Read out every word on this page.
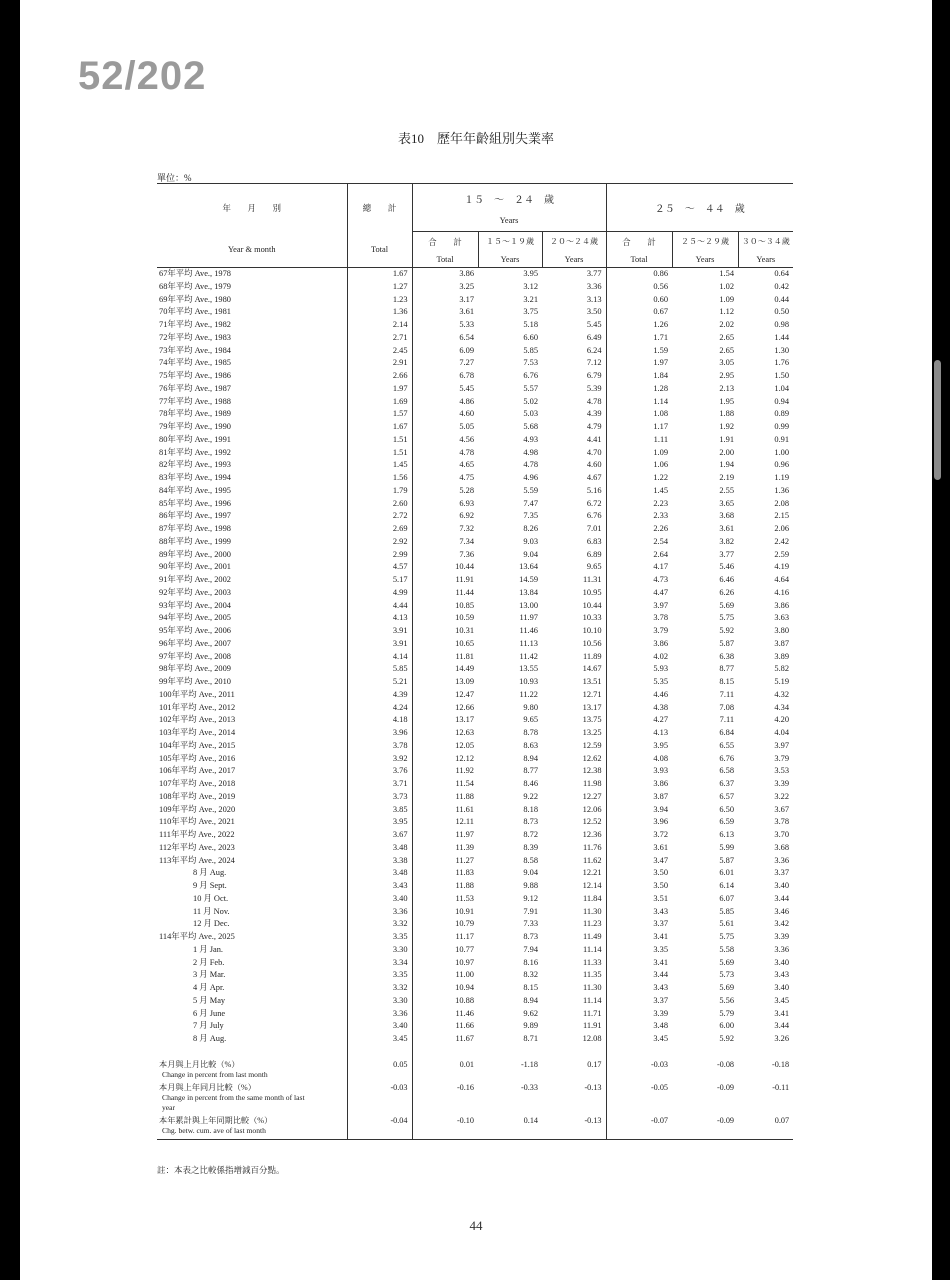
52/202
表10　歷年年齡組別失業率
單位：%
年　　月　　別	總　　計	１５　～　２４　歲
Years			２５　～　４４　歲		

Year & month	Total	合　　計	１５～１９歲	２０～２４歲	合　　計	２５～２９歲	３０～３４歲
		Total	Years	Years	Total	Years	Years
67年平均 Ave., 1978	1.67	3.86	3.95	3.77	0.86	1.54	0.64
68年平均 Ave., 1979	1.27	3.25	3.12	3.36	0.56	1.02	0.42
69年平均 Ave., 1980	1.23	3.17	3.21	3.13	0.60	1.09	0.44
70年平均 Ave., 1981	1.36	3.61	3.75	3.50	0.67	1.12	0.50
71年平均 Ave., 1982	2.14	5.33	5.18	5.45	1.26	2.02	0.98
72年平均 Ave., 1983	2.71	6.54	6.60	6.49	1.71	2.65	1.44
73年平均 Ave., 1984	2.45	6.09	5.85	6.24	1.59	2.65	1.30
74年平均 Ave., 1985	2.91	7.27	7.53	7.12	1.97	3.05	1.76
75年平均 Ave., 1986	2.66	6.78	6.76	6.79	1.84	2.95	1.50
76年平均 Ave., 1987	1.97	5.45	5.57	5.39	1.28	2.13	1.04
77年平均 Ave., 1988	1.69	4.86	5.02	4.78	1.14	1.95	0.94
78年平均 Ave., 1989	1.57	4.60	5.03	4.39	1.08	1.88	0.89
79年平均 Ave., 1990	1.67	5.05	5.68	4.79	1.17	1.92	0.99
80年平均 Ave., 1991	1.51	4.56	4.93	4.41	1.11	1.91	0.91
81年平均 Ave., 1992	1.51	4.78	4.98	4.70	1.09	2.00	1.00
82年平均 Ave., 1993	1.45	4.65	4.78	4.60	1.06	1.94	0.96
83年平均 Ave., 1994	1.56	4.75	4.96	4.67	1.22	2.19	1.19
84年平均 Ave., 1995	1.79	5.28	5.59	5.16	1.45	2.55	1.36
85年平均 Ave., 1996	2.60	6.93	7.47	6.72	2.23	3.65	2.08
86年平均 Ave., 1997	2.72	6.92	7.35	6.76	2.33	3.68	2.15
87年平均 Ave., 1998	2.69	7.32	8.26	7.01	2.26	3.61	2.06
88年平均 Ave., 1999	2.92	7.34	9.03	6.83	2.54	3.82	2.42
89年平均 Ave., 2000	2.99	7.36	9.04	6.89	2.64	3.77	2.59
90年平均 Ave., 2001	4.57	10.44	13.64	9.65	4.17	5.46	4.19
91年平均 Ave., 2002	5.17	11.91	14.59	11.31	4.73	6.46	4.64
92年平均 Ave., 2003	4.99	11.44	13.84	10.95	4.47	6.26	4.16
93年平均 Ave., 2004	4.44	10.85	13.00	10.44	3.97	5.69	3.86
94年平均 Ave., 2005	4.13	10.59	11.97	10.33	3.78	5.75	3.63
95年平均 Ave., 2006	3.91	10.31	11.46	10.10	3.79	5.92	3.80
96年平均 Ave., 2007	3.91	10.65	11.13	10.56	3.86	5.87	3.87
97年平均 Ave., 2008	4.14	11.81	11.42	11.89	4.02	6.38	3.89
98年平均 Ave., 2009	5.85	14.49	13.55	14.67	5.93	8.77	5.82
99年平均 Ave., 2010	5.21	13.09	10.93	13.51	5.35	8.15	5.19
100年平均 Ave., 2011	4.39	12.47	11.22	12.71	4.46	7.11	4.32
101年平均 Ave., 2012	4.24	12.66	9.80	13.17	4.38	7.08	4.34
102年平均 Ave., 2013	4.18	13.17	9.65	13.75	4.27	7.11	4.20
103年平均 Ave., 2014	3.96	12.63	8.78	13.25	4.13	6.84	4.04
104年平均 Ave., 2015	3.78	12.05	8.63	12.59	3.95	6.55	3.97
105年平均 Ave., 2016	3.92	12.12	8.94	12.62	4.08	6.76	3.79
106年平均 Ave., 2017	3.76	11.92	8.77	12.38	3.93	6.58	3.53
107年平均 Ave., 2018	3.71	11.54	8.46	11.98	3.86	6.37	3.39
108年平均 Ave., 2019	3.73	11.88	9.22	12.27	3.87	6.57	3.22
109年平均 Ave., 2020	3.85	11.61	8.18	12.06	3.94	6.50	3.67
110年平均 Ave., 2021	3.95	12.11	8.73	12.52	3.96	6.59	3.78
111年平均 Ave., 2022	3.67	11.97	8.72	12.36	3.72	6.13	3.70
112年平均 Ave., 2023	3.48	11.39	8.39	11.76	3.61	5.99	3.68
113年平均 Ave., 2024	3.38	11.27	8.58	11.62	3.47	5.87	3.36
8 月 Aug.	3.48	11.83	9.04	12.21	3.50	6.01	3.37
9 月 Sept.	3.43	11.88	9.88	12.14	3.50	6.14	3.40
10 月 Oct.	3.40	11.53	9.12	11.84	3.51	6.07	3.44
11 月 Nov.	3.36	10.91	7.91	11.30	3.43	5.85	3.46
12 月 Dec.	3.32	10.79	7.33	11.23	3.37	5.61	3.42
114年平均 Ave., 2025	3.35	11.17	8.73	11.49	3.41	5.75	3.39
1 月 Jan.	3.30	10.77	7.94	11.14	3.35	5.58	3.36
2 月 Feb.	3.34	10.97	8.16	11.33	3.41	5.69	3.40
3 月 Mar.	3.35	11.00	8.32	11.35	3.44	5.73	3.43
4 月 Apr.	3.32	10.94	8.15	11.30	3.43	5.69	3.40
5 月 May	3.30	10.88	8.94	11.14	3.37	5.56	3.45
6 月 June	3.36	11.46	9.62	11.71	3.39	5.79	3.41
7 月 July	3.40	11.66	9.89	11.91	3.48	6.00	3.44
8 月 Aug.	3.45	11.67	8.71	12.08	3.45	5.92	3.26

本月與上月比較（%）
Change in percent from last month	0.05	0.01	-1.18	0.17	-0.03	-0.08	-0.18

本月與上年同月比較（%）
Change in percent from the same month of last year	-0.03	-0.16	-0.33	-0.13	-0.05	-0.09	-0.11

本年累計與上年同期比較（%）
Chg. betw. cum. ave of last month	-0.04	-0.10	0.14	-0.13	-0.07	-0.09	0.07
註：本表之比較係指增減百分點。
44
